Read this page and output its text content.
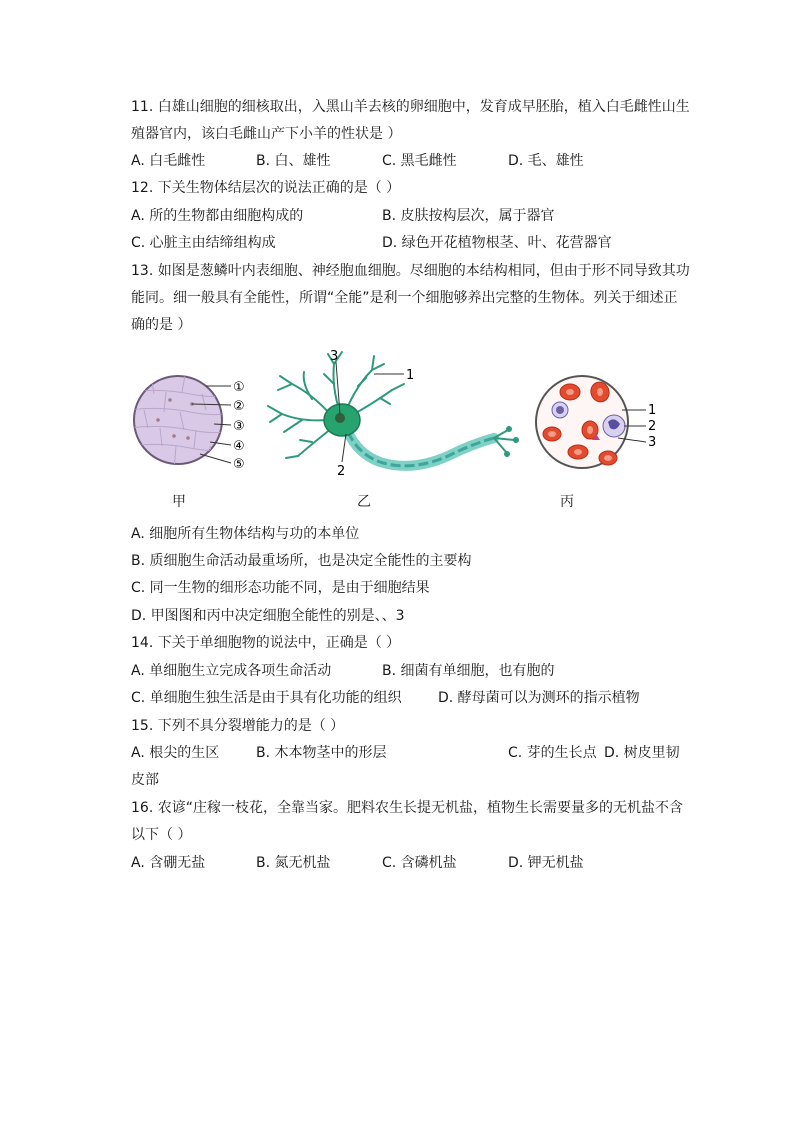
11. 白雄山细胞的细核取出，入黑山羊去核的卵细胞中，发育成早胚胎，植入白毛雌性山生
殖器官内，该白毛雌山产下小羊的性状是 ）
A. 白毛雌性	B. 白、雄性	C. 黑毛雌性	D. 毛、雄性
12. 下关生物体结层次的说法正确的是（ ）
A. 所的生物都由细胞构成的	B. 皮肤按构层次，属于器官
C. 心脏主由结缔组构成	D. 绿色开花植物根茎、叶、花营器官
13. 如图是葱鳞叶内表细胞、神经胞血细胞。尽细胞的本结构相同，但由于形不同导致其功
能同。细一般具有全能性，所谓“全能”是利一个细胞够养出完整的生物体。列关于细述正
确的是 ）
①
②
③
④
⑤
3
1
2
1
2
3
甲	乙	丙
A. 细胞所有生物体结构与功的本单位
B. 质细胞生命活动最重场所，也是决定全能性的主要构
C. 同一生物的细形态功能不同，是由于细胞结果
D. 甲图图和丙中决定细胞全能性的别是、、3
14. 下关于单细胞物的说法中，正确是（ ）
A. 单细胞生立完成各项生命活动	B. 细菌有单细胞，也有胞的
C. 单细胞生独生活是由于具有化功能的组织	D. 酵母菌可以为测环的指示植物
15. 下列不具分裂增能力的是（ ）
A. 根尖的生区	B. 木本物茎中的形层	C. 芽的生长点 D. 树皮里韧
皮部
16. 农谚“庄稼一枝花，全靠当家。肥料农生长提无机盐，植物生长需要量多的无机盐不含
以下（ ）
A. 含硼无盐	B. 氮无机盐	C. 含磷机盐	D. 钾无机盐
